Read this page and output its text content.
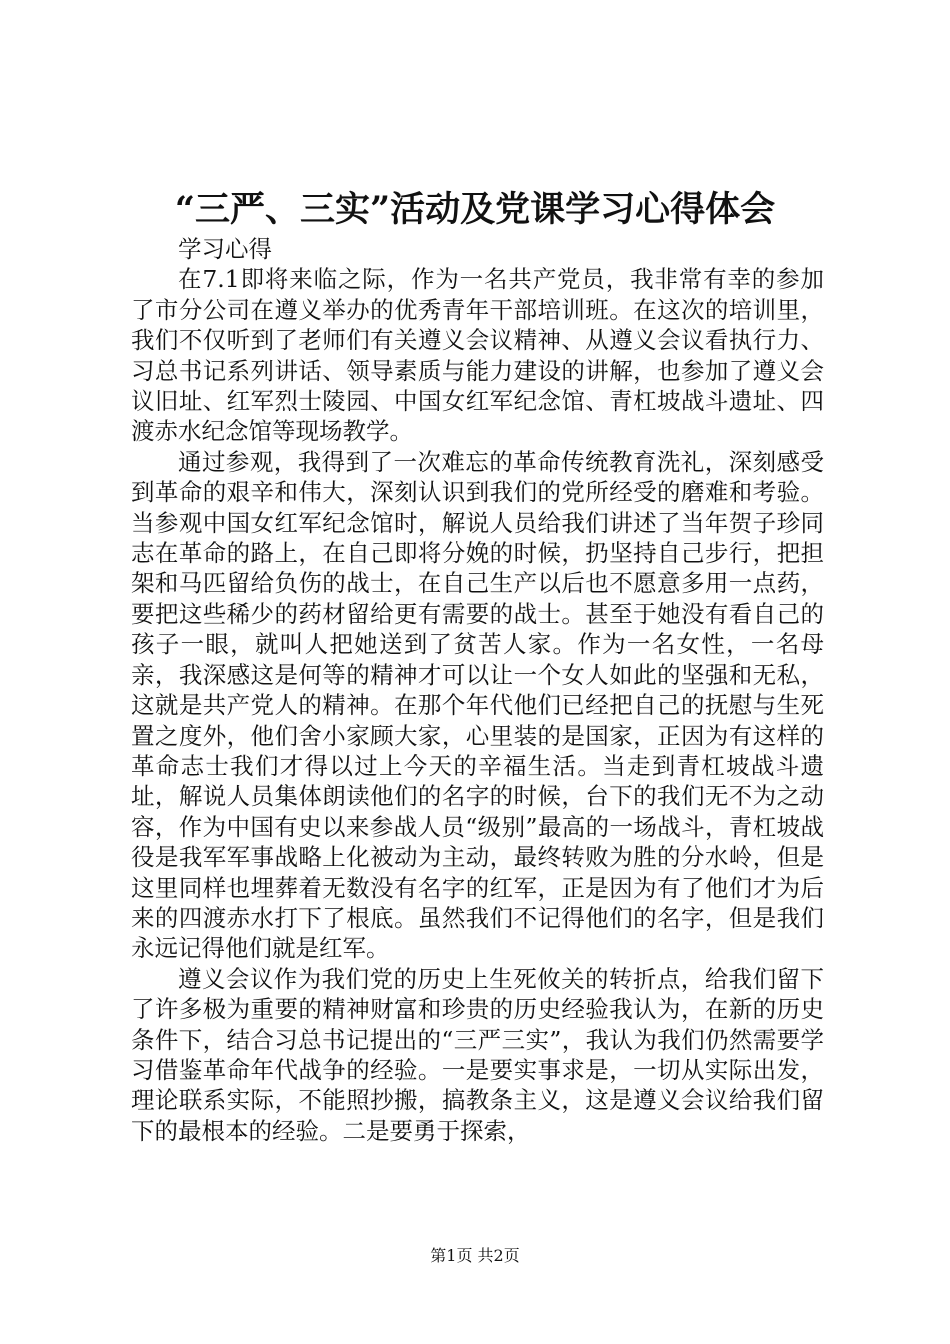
“三严、三实”活动及党课学习心得体会

学习心得

在7.1即将来临之际，作为一名共产党员，我非常有幸的参加了市分公司在遵义举办的优秀青年干部培训班。在这次的培训里，我们不仅听到了老师们有关遵义会议精神、从遵义会议看执行力、习总书记系列讲话、领导素质与能力建设的讲解，也参加了遵义会议旧址、红军烈士陵园、中国女红军纪念馆、青杠坡战斗遗址、四渡赤水纪念馆等现场教学。

通过参观，我得到了一次难忘的革命传统教育洗礼，深刻感受到革命的艰辛和伟大，深刻认识到我们的党所经受的磨难和考验。当参观中国女红军纪念馆时，解说人员给我们讲述了当年贺子珍同志在革命的路上，在自己即将分娩的时候，扔坚持自己步行，把担架和马匹留给负伤的战士，在自己生产以后也不愿意多用一点药，要把这些稀少的药材留给更有需要的战士。甚至于她没有看自己的孩子一眼，就叫人把她送到了贫苦人家。作为一名女性，一名母亲，我深感这是何等的精神才可以让一个女人如此的坚强和无私，这就是共产党人的精神。在那个年代他们已经把自己的抚慰与生死置之度外，他们舍小家顾大家，心里装的是国家，正因为有这样的革命志士我们才得以过上今天的辛福生活。当走到青杠坡战斗遗址，解说人员集体朗读他们的名字的时候，台下的我们无不为之动容，作为中国有史以来参战人员“级别”最高的一场战斗，青杠坡战役是我军军事战略上化被动为主动，最终转败为胜的分水岭，但是这里同样也埋葬着无数没有名字的红军，正是因为有了他们才为后来的四渡赤水打下了根底。虽然我们不记得他们的名字，但是我们永远记得他们就是红军。

遵义会议作为我们党的历史上生死攸关的转折点，给我们留下了许多极为重要的精神财富和珍贵的历史经验我认为，在新的历史条件下，结合习总书记提出的“三严三实”，我认为我们仍然需要学习借鉴革命年代战争的经验。一是要实事求是，一切从实际出发，理论联系实际，不能照抄搬，搞教条主义，这是遵义会议给我们留下的最根本的经验。二是要勇于探索，

第1页 共2页
